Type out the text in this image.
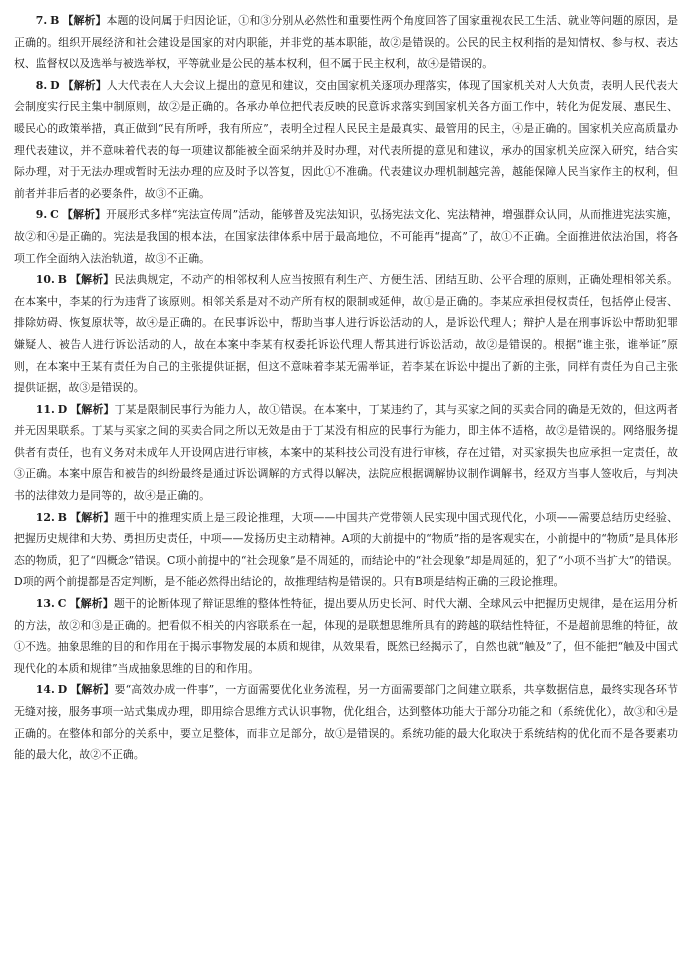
7. B 【解析】本题的设问属于归因论证，①和③分别从必然性和重要性两个角度回答了国家重视农民工生活、就业等问题的原因，是正确的。组织开展经济和社会建设是国家的对内职能，并非党的基本职能，故②是错误的。公民的民主权利指的是知情权、参与权、表达权、监督权以及选举与被选举权，平等就业是公民的基本权利，但不属于民主权利，故④是错误的。

8. D 【解析】人大代表在人大会议上提出的意见和建议，交由国家机关逐项办理落实，体现了国家机关对人大负责，表明人民代表大会制度实行民主集中制原则，故②是正确的。各承办单位把代表反映的民意诉求落实到国家机关各方面工作中，转化为促发展、惠民生、暖民心的政策举措，真正做到“民有所呼，我有所应”，表明全过程人民民主是最真实、最管用的民主，④是正确的。国家机关应高质量办理代表建议，并不意味着代表的每一项建议都能被全面采纳并及时办理，对代表所提的意见和建议，承办的国家机关应深入研究，结合实际办理，对于无法办理或暂时无法办理的应及时予以答复，因此①不准确。代表建议办理机制越完善，越能保障人民当家作主的权利，但前者并非后者的必要条件，故③不正确。

9. C 【解析】开展形式多样“宪法宣传周”活动，能够普及宪法知识，弘扬宪法文化、宪法精神，增强群众认同，从而推进宪法实施，故②和④是正确的。宪法是我国的根本法，在国家法律体系中居于最高地位，不可能再“提高”了，故①不正确。全面推进依法治国，将各项工作全面纳入法治轨道，故③不正确。

10. B 【解析】民法典规定，不动产的相邻权利人应当按照有利生产、方便生活、团结互助、公平合理的原则，正确处理相邻关系。在本案中，李某的行为违背了该原则。相邻关系是对不动产所有权的限制或延伸，故①是正确的。李某应承担侵权责任，包括停止侵害、排除妨碍、恢复原状等，故④是正确的。在民事诉讼中，帮助当事人进行诉讼活动的人，是诉讼代理人；辩护人是在刑事诉讼中帮助犯罪嫌疑人、被告人进行诉讼活动的人，故在本案中李某有权委托诉讼代理人帮其进行诉讼活动，故②是错误的。根据“谁主张，谁举证”原则，在本案中王某有责任为自己的主张提供证据，但这不意味着李某无需举证，若李某在诉讼中提出了新的主张，同样有责任为自己主张提供证据，故③是错误的。

11. D 【解析】丁某是限制民事行为能力人，故①错误。在本案中，丁某违约了，其与买家之间的买卖合同的确是无效的，但这两者并无因果联系。丁某与买家之间的买卖合同之所以无效是由于丁某没有相应的民事行为能力，即主体不适格，故②是错误的。网络服务提供者有责任，也有义务对未成年人开设网店进行审核，本案中的某科技公司没有进行审核，存在过错，对买家损失也应承担一定责任，故③正确。本案中原告和被告的纠纷最终是通过诉讼调解的方式得以解决，法院应根据调解协议制作调解书，经双方当事人签收后，与判决书的法律效力是同等的，故④是正确的。

12. B 【解析】题干中的推理实质上是三段论推理，大项——中国共产党带领人民实现中国式现代化，小项——需要总结历史经验、把握历史规律和大势、勇担历史责任，中项——发扬历史主动精神。A项的大前提中的“物质”指的是客观实在，小前提中的“物质”是具体形态的物质，犯了“四概念”错误。C项小前提中的“社会现象”是不周延的，而结论中的“社会现象”却是周延的，犯了“小项不当扩大”的错误。D项的两个前提都是否定判断，是不能必然得出结论的，故推理结构是错误的。只有B项是结构正确的三段论推理。

13. C 【解析】题干的论断体现了辩证思维的整体性特征，提出要从历史长河、时代大潮、全球风云中把握历史规律，是在运用分析的方法，故②和③是正确的。把看似不相关的内容联系在一起，体现的是联想思维所具有的跨越的联结性特征，不是超前思维的特征，故①不选。抽象思维的目的和作用在于揭示事物发展的本质和规律，从效果看，既然已经揭示了，自然也就“触及”了，但不能把“触及中国式现代化的本质和规律”当成抽象思维的目的和作用。

14. D 【解析】要“高效办成一件事”，一方面需要优化业务流程，另一方面需要部门之间建立联系，共享数据信息，最终实现各环节无缝对接，服务事项一站式集成办理，即用综合思维方式认识事物，优化组合，达到整体功能大于部分功能之和（系统优化），故③和④是正确的。在整体和部分的关系中，要立足整体，而非立足部分，故①是错误的。系统功能的最大化取决于系统结构的优化而不是各要素功能的最大化，故②不正确。
